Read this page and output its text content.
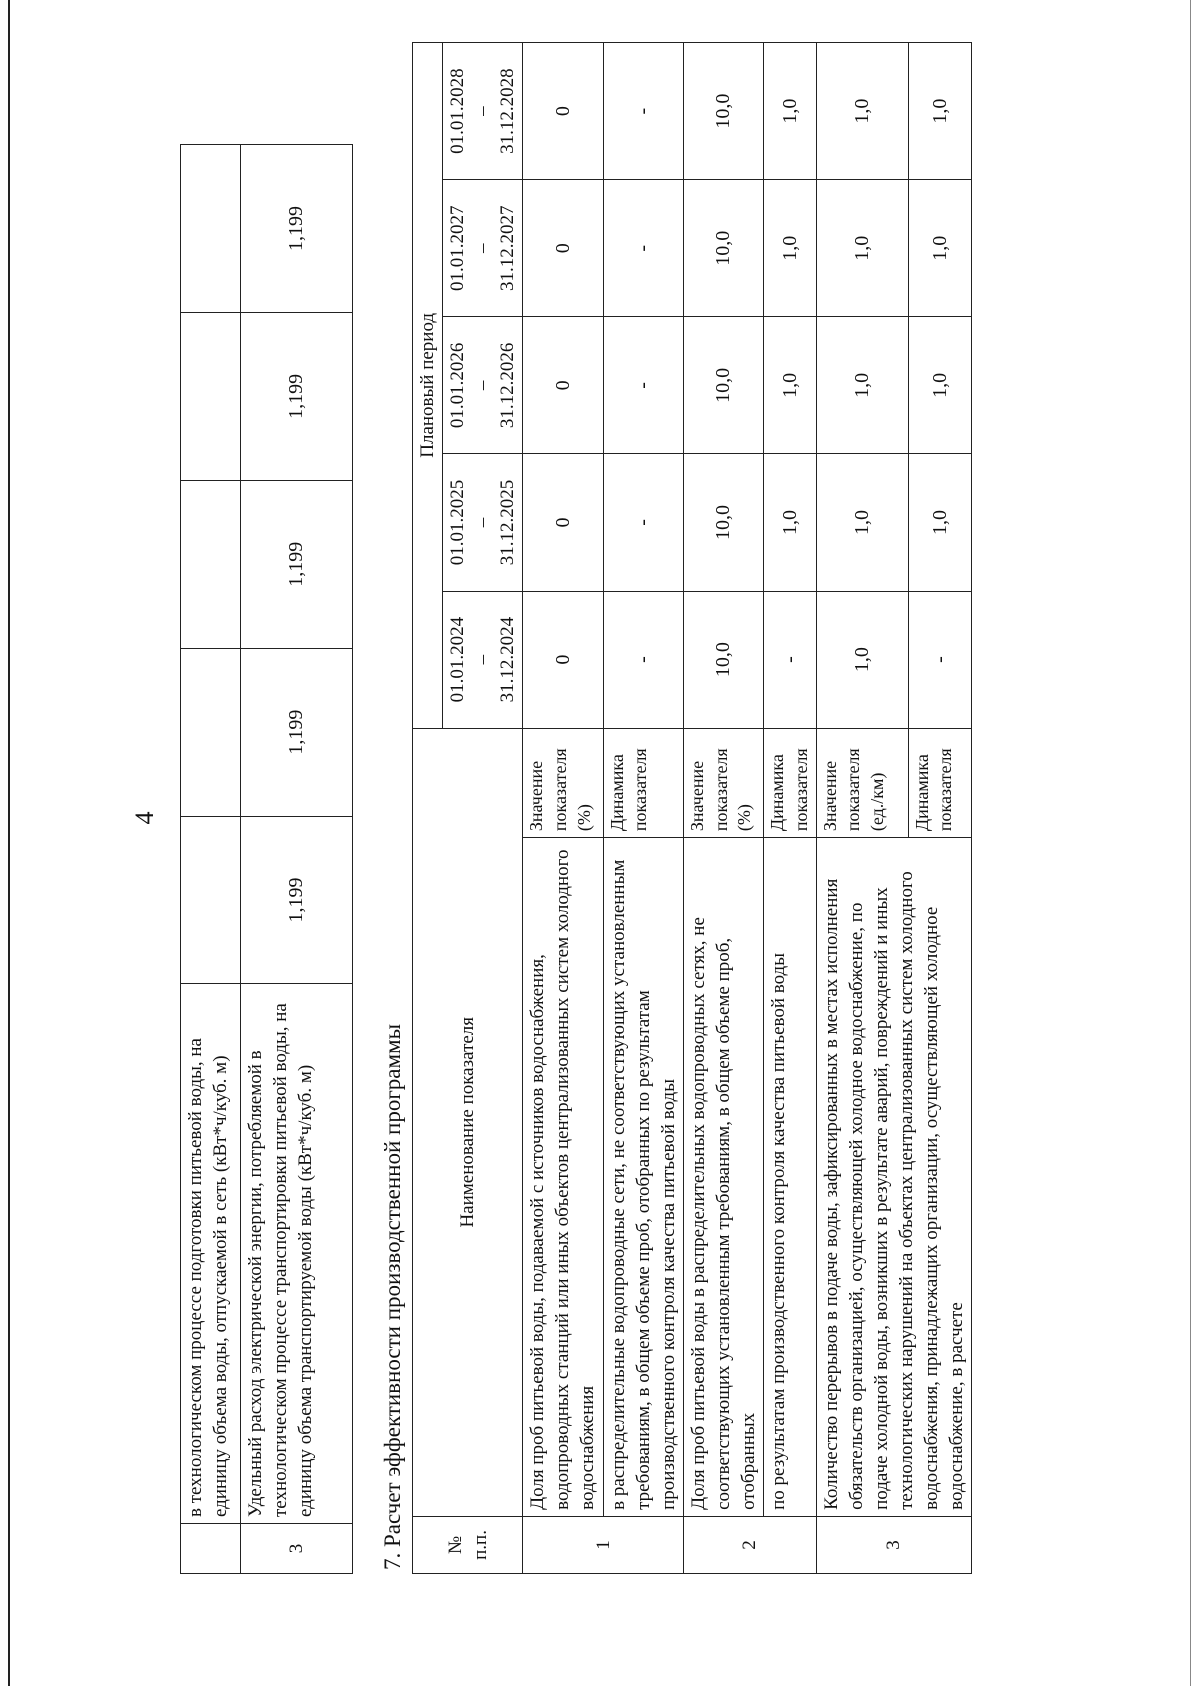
4
	в технологическом процессе подготовки питьевой воды, на единицу объема воды, отпускаемой в сеть (кВт*ч/куб. м)					
3	Удельный расход электрической энергии, потребляемой в технологическом процессе транспортировки питьевой воды, на единицу объема транспортируемой воды (кВт*ч/куб. м)	1,199	1,199	1,199	1,199	1,199
7. Расчет эффективности производственной программы № п.п.	Наименование показателя		Плановый период				
			01.01.2024 – 31.12.2024	01.01.2025 – 31.12.2025	01.01.2026 – 31.12.2026	01.01.2027 – 31.12.2027	01.01.2028 – 31.12.2028
1	Доля проб питьевой воды, подаваемой с источников водоснабжения, водопроводных станций или иных объектов централизованных систем холодного водоснабжения	Значение показателя (%)	0	0	0	0	0
	в распределительные водопроводные сети, не соответствующих установленным требованиям, в общем объеме проб, отобранных по результатам производственного контроля качества питьевой воды	Динамика показателя	-	-	-	-	-
2	Доля проб питьевой воды в распределительных водопроводных сетях, не соответствующих установленным требованиям, в общем объеме проб, отобранных	Значение показателя (%)	10,0	10,0	10,0	10,0	10,0
	по результатам производственного контроля качества питьевой воды	Динамика показателя	-	1,0	1,0	1,0	1,0
3	Количество перерывов в подаче воды, зафиксированных в местах исполнения обязательств организацией, осуществляющей холодное водоснабжение, по подаче холодной воды, возникших в результате аварий, повреждений и иных технологических нарушений на объектах централизованных систем холодного водоснабжения, принадлежащих организации, осуществляющей холодное водоснабжение, в расчете	Значение показателя (ед./км)	1,0	1,0	1,0	1,0	1,0
		Динамика показателя	-	1,0	1,0	1,0	1,0
